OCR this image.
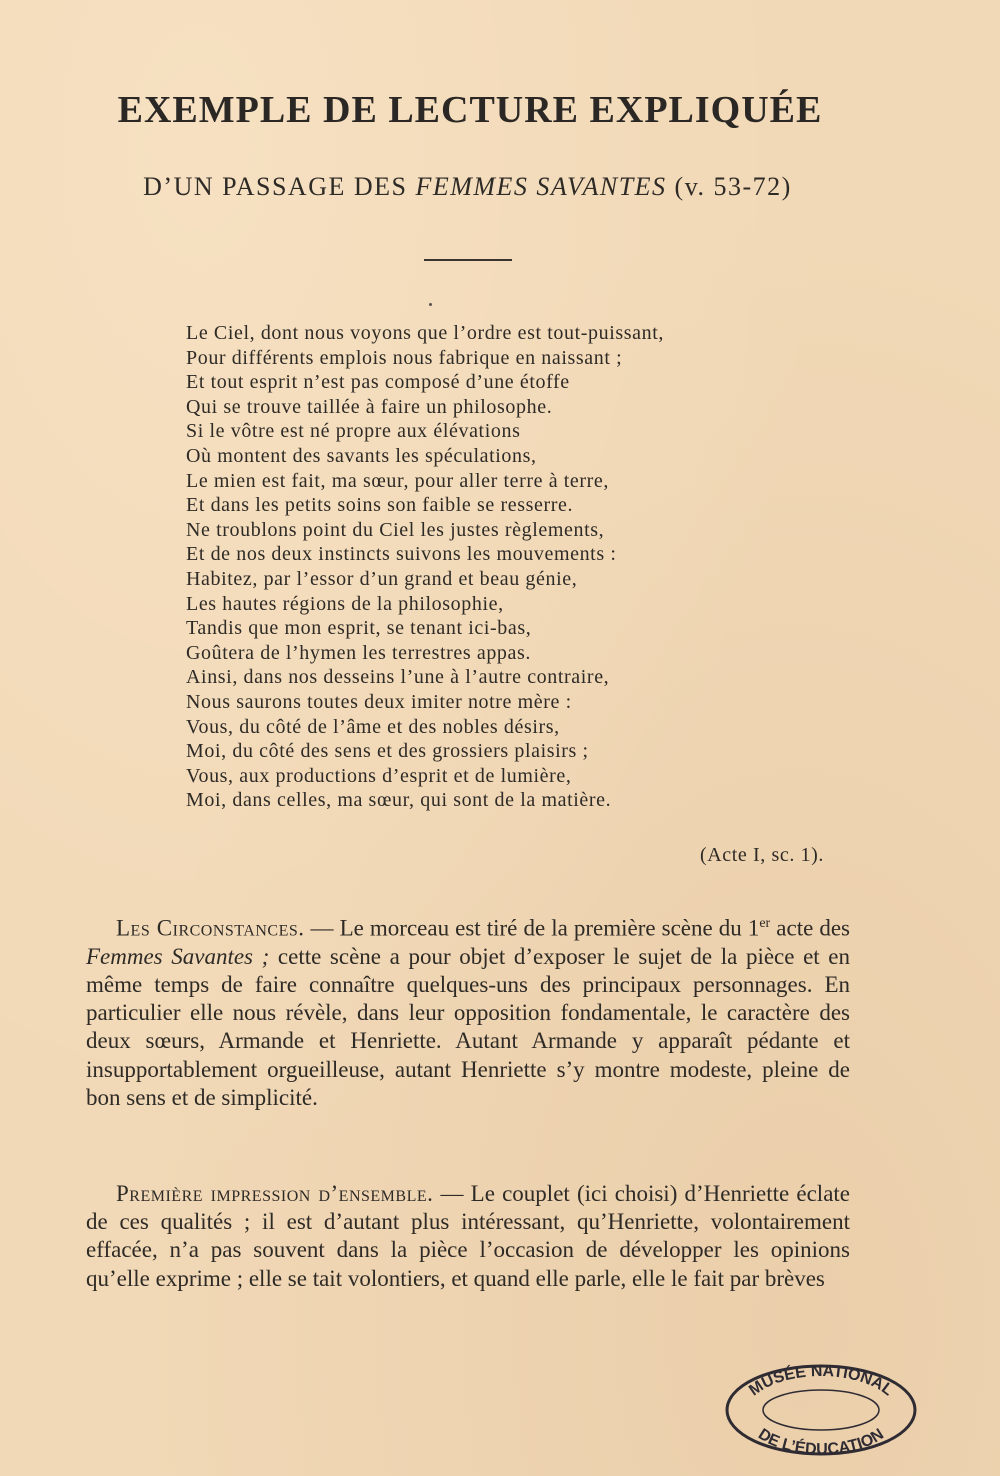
EXEMPLE DE LECTURE EXPLIQUÉE
D’UN PASSAGE DES FEMMES SAVANTES (v. 53-72)
Le Ciel, dont nous voyons que l’ordre est tout-puissant,
Pour différents emplois nous fabrique en naissant ;
Et tout esprit n’est pas composé d’une étoffe
Qui se trouve taillée à faire un philosophe.
Si le vôtre est né propre aux élévations
Où montent des savants les spéculations,
Le mien est fait, ma sœur, pour aller terre à terre,
Et dans les petits soins son faible se resserre.
Ne troublons point du Ciel les justes règlements,
Et de nos deux instincts suivons les mouvements :
Habitez, par l’essor d’un grand et beau génie,
Les hautes régions de la philosophie,
Tandis que mon esprit, se tenant ici-bas,
Goûtera de l’hymen les terrestres appas.
Ainsi, dans nos desseins l’une à l’autre contraire,
Nous saurons toutes deux imiter notre mère :
Vous, du côté de l’âme et des nobles désirs,
Moi, du côté des sens et des grossiers plaisirs ;
Vous, aux productions d’esprit et de lumière,
Moi, dans celles, ma sœur, qui sont de la matière.
(Acte I, sc. 1).
Les Circonstances. — Le morceau est tiré de la première scène du 1er acte des Femmes Savantes ; cette scène a pour objet d’exposer le sujet de la pièce et en même temps de faire connaître quelques-uns des principaux personnages. En particulier elle nous révèle, dans leur opposition fondamentale, le caractère des deux sœurs, Armande et Henriette. Autant Armande y apparaît pédante et insupportablement orgueilleuse, autant Henriette s’y montre modeste, pleine de bon sens et de simplicité.
Première impression d’ensemble. — Le couplet (ici choisi) d’Henriette éclate de ces qualités ; il est d’autant plus intéressant, qu’Henriette, volontairement effacée, n’a pas souvent dans la pièce l’occasion de développer les opinions qu’elle exprime ; elle se tait volontiers, et quand elle parle, elle le fait par brèves
MUSÉE NATIONAL
DE L’ÉDUCATION
